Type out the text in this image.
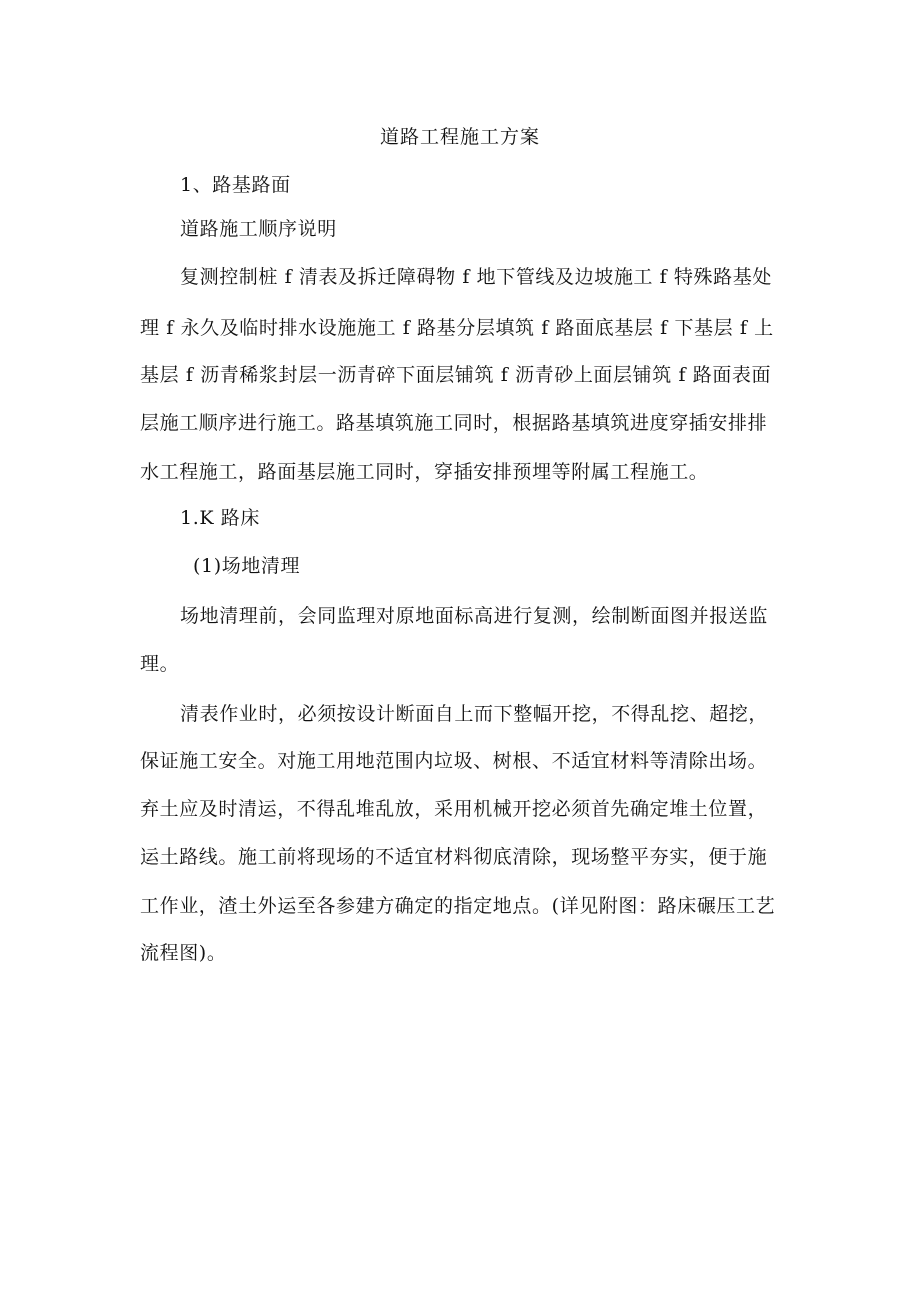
道路工程施工方案
1、路基路面
道路施工顺序说明
复测控制桩 f 清表及拆迁障碍物 f 地下管线及边坡施工 f 特殊路基处
理 f 永久及临时排水设施施工 f 路基分层填筑 f 路面底基层 f 下基层 f 上
基层 f 沥青稀浆封层一沥青碎下面层铺筑 f 沥青砂上面层铺筑 f 路面表面
层施工顺序进行施工。路基填筑施工同时，根据路基填筑进度穿插安排排
水工程施工，路面基层施工同时，穿插安排预埋等附属工程施工。
1.K 路床
(1)场地清理
场地清理前，会同监理对原地面标高进行复测，绘制断面图并报送监
理。
清表作业时，必须按设计断面自上而下整幅开挖，不得乱挖、超挖，
保证施工安全。对施工用地范围内垃圾、树根、不适宜材料等清除出场。
弃土应及时清运，不得乱堆乱放，采用机械开挖必须首先确定堆土位置，
运土路线。施工前将现场的不适宜材料彻底清除，现场整平夯实，便于施
工作业，渣土外运至各参建方确定的指定地点。(详见附图：路床碾压工艺
流程图)。
